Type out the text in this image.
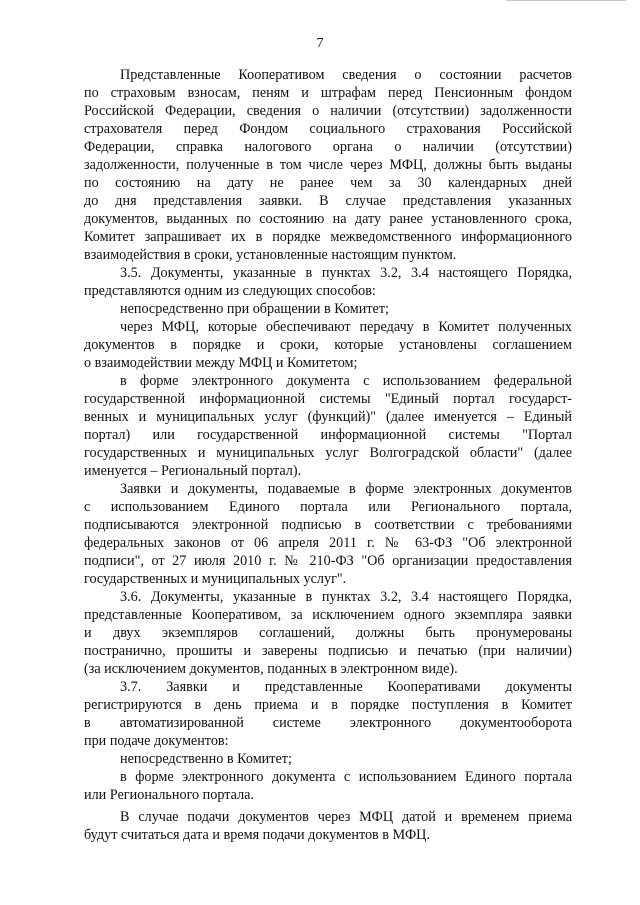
7
Представленные Кооперативом сведения о состоянии расчетов
по страховым взносам, пеням и штрафам перед Пенсионным фондом
Российской Федерации, сведения о наличии (отсутствии) задолженности
страхователя перед Фондом социального страхования Российской
Федерации, справка налогового органа о наличии (отсутствии)
задолженности, полученные в том числе через МФЦ, должны быть выданы
по состоянию на дату не ранее чем за 30 календарных дней
до дня представления заявки. В случае представления указанных
документов, выданных по состоянию на дату ранее установленного срока,
Комитет запрашивает их в порядке межведомственного информационного
взаимодействия в сроки, установленные настоящим пунктом.
3.5. Документы, указанные в пунктах 3.2, 3.4 настоящего Порядка,
представляются одним из следующих способов:
непосредственно при обращении в Комитет;
через МФЦ, которые обеспечивают передачу в Комитет полученных
документов в порядке и сроки, которые установлены соглашением
о взаимодействии между МФЦ и Комитетом;
в форме электронного документа с использованием федеральной
государственной информационной системы "Единый портал государст-
венных и муниципальных услуг (функций)" (далее именуется – Единый
портал) или государственной информационной системы "Портал
государственных и муниципальных услуг Волгоградской области" (далее
именуется – Региональный портал).
Заявки и документы, подаваемые в форме электронных документов
с использованием Единого портала или Регионального портала,
подписываются электронной подписью в соответствии с требованиями
федеральных законов от 06 апреля 2011 г. № 63-ФЗ "Об электронной
подписи", от 27 июля 2010 г. № 210-ФЗ "Об организации предоставления
государственных и муниципальных услуг".
3.6. Документы, указанные в пунктах 3.2, 3.4 настоящего Порядка,
представленные Кооперативом, за исключением одного экземпляра заявки
и двух экземпляров соглашений, должны быть пронумерованы
постранично, прошиты и заверены подписью и печатью (при наличии)
(за исключением документов, поданных в электронном виде).
3.7. Заявки и представленные Кооперативами документы
регистрируются в день приема и в порядке поступления в Комитет
в автоматизированной системе электронного документооборота
при подаче документов:
непосредственно в Комитет;
в форме электронного документа с использованием Единого портала
или Регионального портала.
В случае подачи документов через МФЦ датой и временем приема
будут считаться дата и время подачи документов в МФЦ.
